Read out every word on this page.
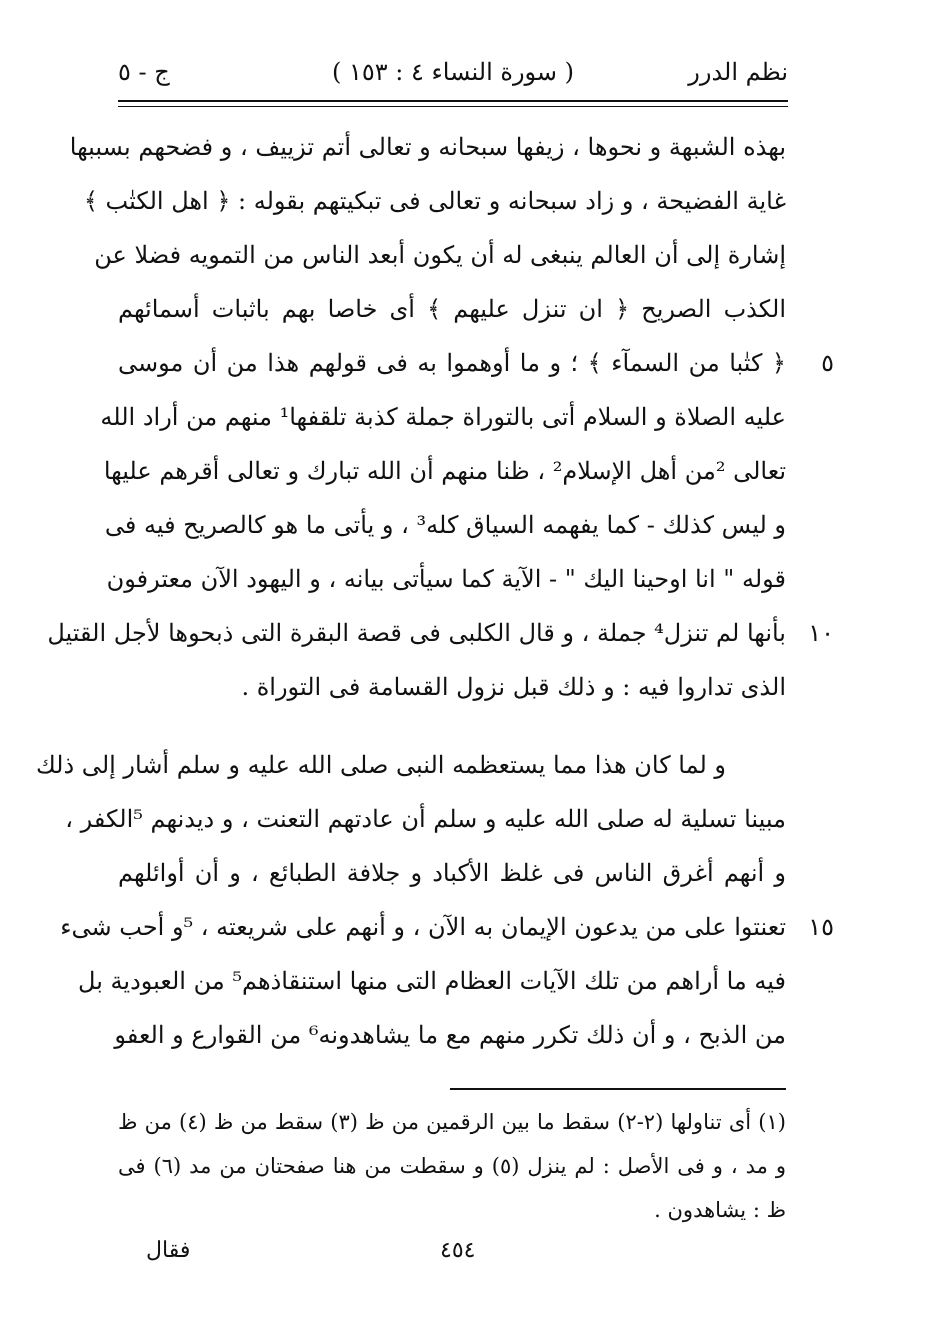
نظم الدرر
( سورة النساء ٤ : ١٥٣ )
ج - ٥
بهذه الشبهة و نحوها ، زيفها سبحانه و تعالى أتم تزييف ، و فضحهم بسببها
غاية الفضيحة ، و زاد سبحانه و تعالى فى تبكيتهم بقوله : ﴿ اهل الكتٰب ﴾
إشارة إلى أن العالم ينبغى له أن يكون أبعد الناس من التمويه فضلا عن
الكذب الصريح ﴿ ان تنزل عليهم ﴾ أى خاصا بهم باثبات أسمائهم
٥
﴿ كتٰبا من السمآء ﴾ ؛ و ما أوهموا به فى قولهم هذا من أن موسى
عليه الصلاة و السلام أتى بالتوراة جملة كذبة تلقفها¹ منهم من أراد الله
تعالى ²من أهل الإسلام² ، ظنا منهم أن الله تبارك و تعالى أقرهم عليها
و ليس كذلك - كما يفهمه السياق كله³ ، و يأتى ما هو كالصريح فيه فى
قوله " انا اوحينا اليك " - الآية كما سيأتى بيانه ، و اليهود الآن معترفون
١٠
بأنها لم تنزل⁴ جملة ، و قال الكلبى فى قصة البقرة التى ذبحوها لأجل القتيل
الذى تداروا فيه : و ذلك قبل نزول القسامة فى التوراة .
و لما كان هذا مما يستعظمه النبى صلى الله عليه و سلم أشار إلى ذلك
مبينا تسلية له صلى الله عليه و سلم أن عادتهم التعنت ، و ديدنهم ⁵الكفر ،
و أنهم أغرق الناس فى غلظ الأكباد و جلافة الطبائع ، و أن أوائلهم
١٥
تعنتوا على من يدعون الإيمان به الآن ، و أنهم على شريعته ، ⁵و أحب شىء
فيه ما أراهم من تلك الآيات العظام التى منها استنقاذهم⁵ من العبودية بل
من الذبح ، و أن ذلك تكرر منهم مع ما يشاهدونه⁶ من القوارع و العفو
(١) أى تناولها (٢-٢) سقط ما بين الرقمين من ظ (٣) سقط من ظ (٤) من ظ
و مد ، و فى الأصل : لم ينزل (٥) و سقطت من هنا صفحتان من مد (٦) فى
ظ : يشاهدون .
فقال	٤٥٤
